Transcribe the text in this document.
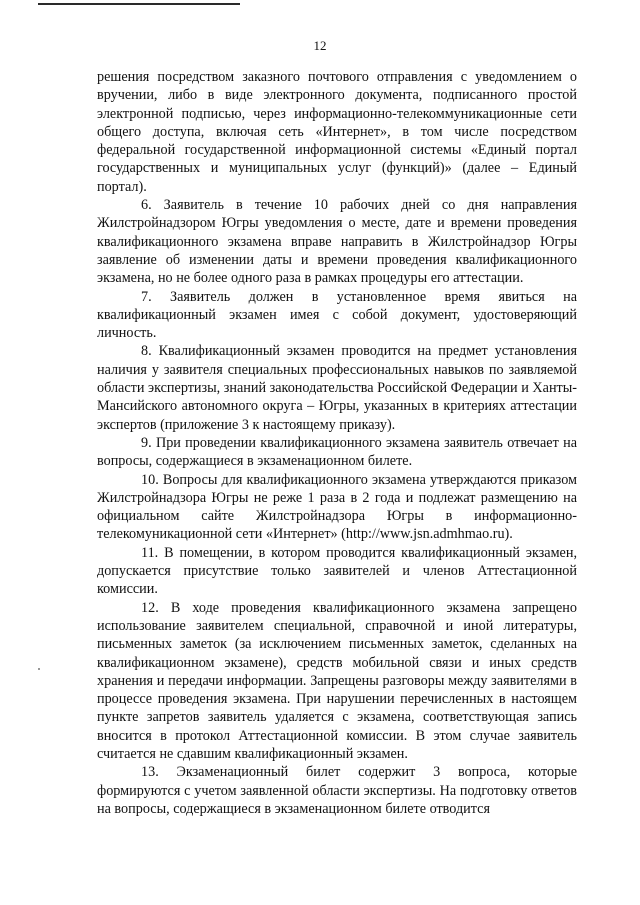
12

решения посредством заказного почтового отправления с уведомлением о вручении, либо в виде электронного документа, подписанного простой электронной подписью, через информационно-телекоммуникационные сети общего доступа, включая сеть «Интернет», в том числе посредством федеральной государственной информационной системы «Единый портал государственных и муниципальных услуг (функций)» (далее – Единый портал).

6. Заявитель в течение 10 рабочих дней со дня направления Жилстройнадзором Югры уведомления о месте, дате и времени проведения квалификационного экзамена вправе направить в Жилстройнадзор Югры заявление об изменении даты и времени проведения квалификационного экзамена, но не более одного раза в рамках процедуры его аттестации.

7. Заявитель должен в установленное время явиться на квалификационный экзамен имея с собой документ, удостоверяющий личность.

8. Квалификационный экзамен проводится на предмет установления наличия у заявителя специальных профессиональных навыков по заявляемой области экспертизы, знаний законодательства Российской Федерации и Ханты-Мансийского автономного округа – Югры, указанных в критериях аттестации экспертов (приложение 3 к настоящему приказу).

9. При проведении квалификационного экзамена заявитель отвечает на вопросы, содержащиеся в экзаменационном билете.

10. Вопросы для квалификационного экзамена утверждаются приказом Жилстройнадзора Югры не реже 1 раза в 2 года и подлежат размещению на официальном сайте Жилстройнадзора Югры в информационно-телекомуникационной сети «Интернет» (http://www.jsn.admhmao.ru).

11. В помещении, в котором проводится квалификационный экзамен, допускается присутствие только заявителей и членов Аттестационной комиссии.

12. В ходе проведения квалификационного экзамена запрещено использование заявителем специальной, справочной и иной литературы, письменных заметок (за исключением письменных заметок, сделанных на квалификационном экзамене), средств мобильной связи и иных средств хранения и передачи информации. Запрещены разговоры между заявителями в процессе проведения экзамена. При нарушении перечисленных в настоящем пункте запретов заявитель удаляется с экзамена, соответствующая запись вносится в протокол Аттестационной комиссии. В этом случае заявитель считается не сдавшим квалификационный экзамен.

13. Экзаменационный билет содержит 3 вопроса, которые формируются с учетом заявленной области экспертизы. На подготовку ответов на вопросы, содержащиеся в экзаменационном билете отводится
